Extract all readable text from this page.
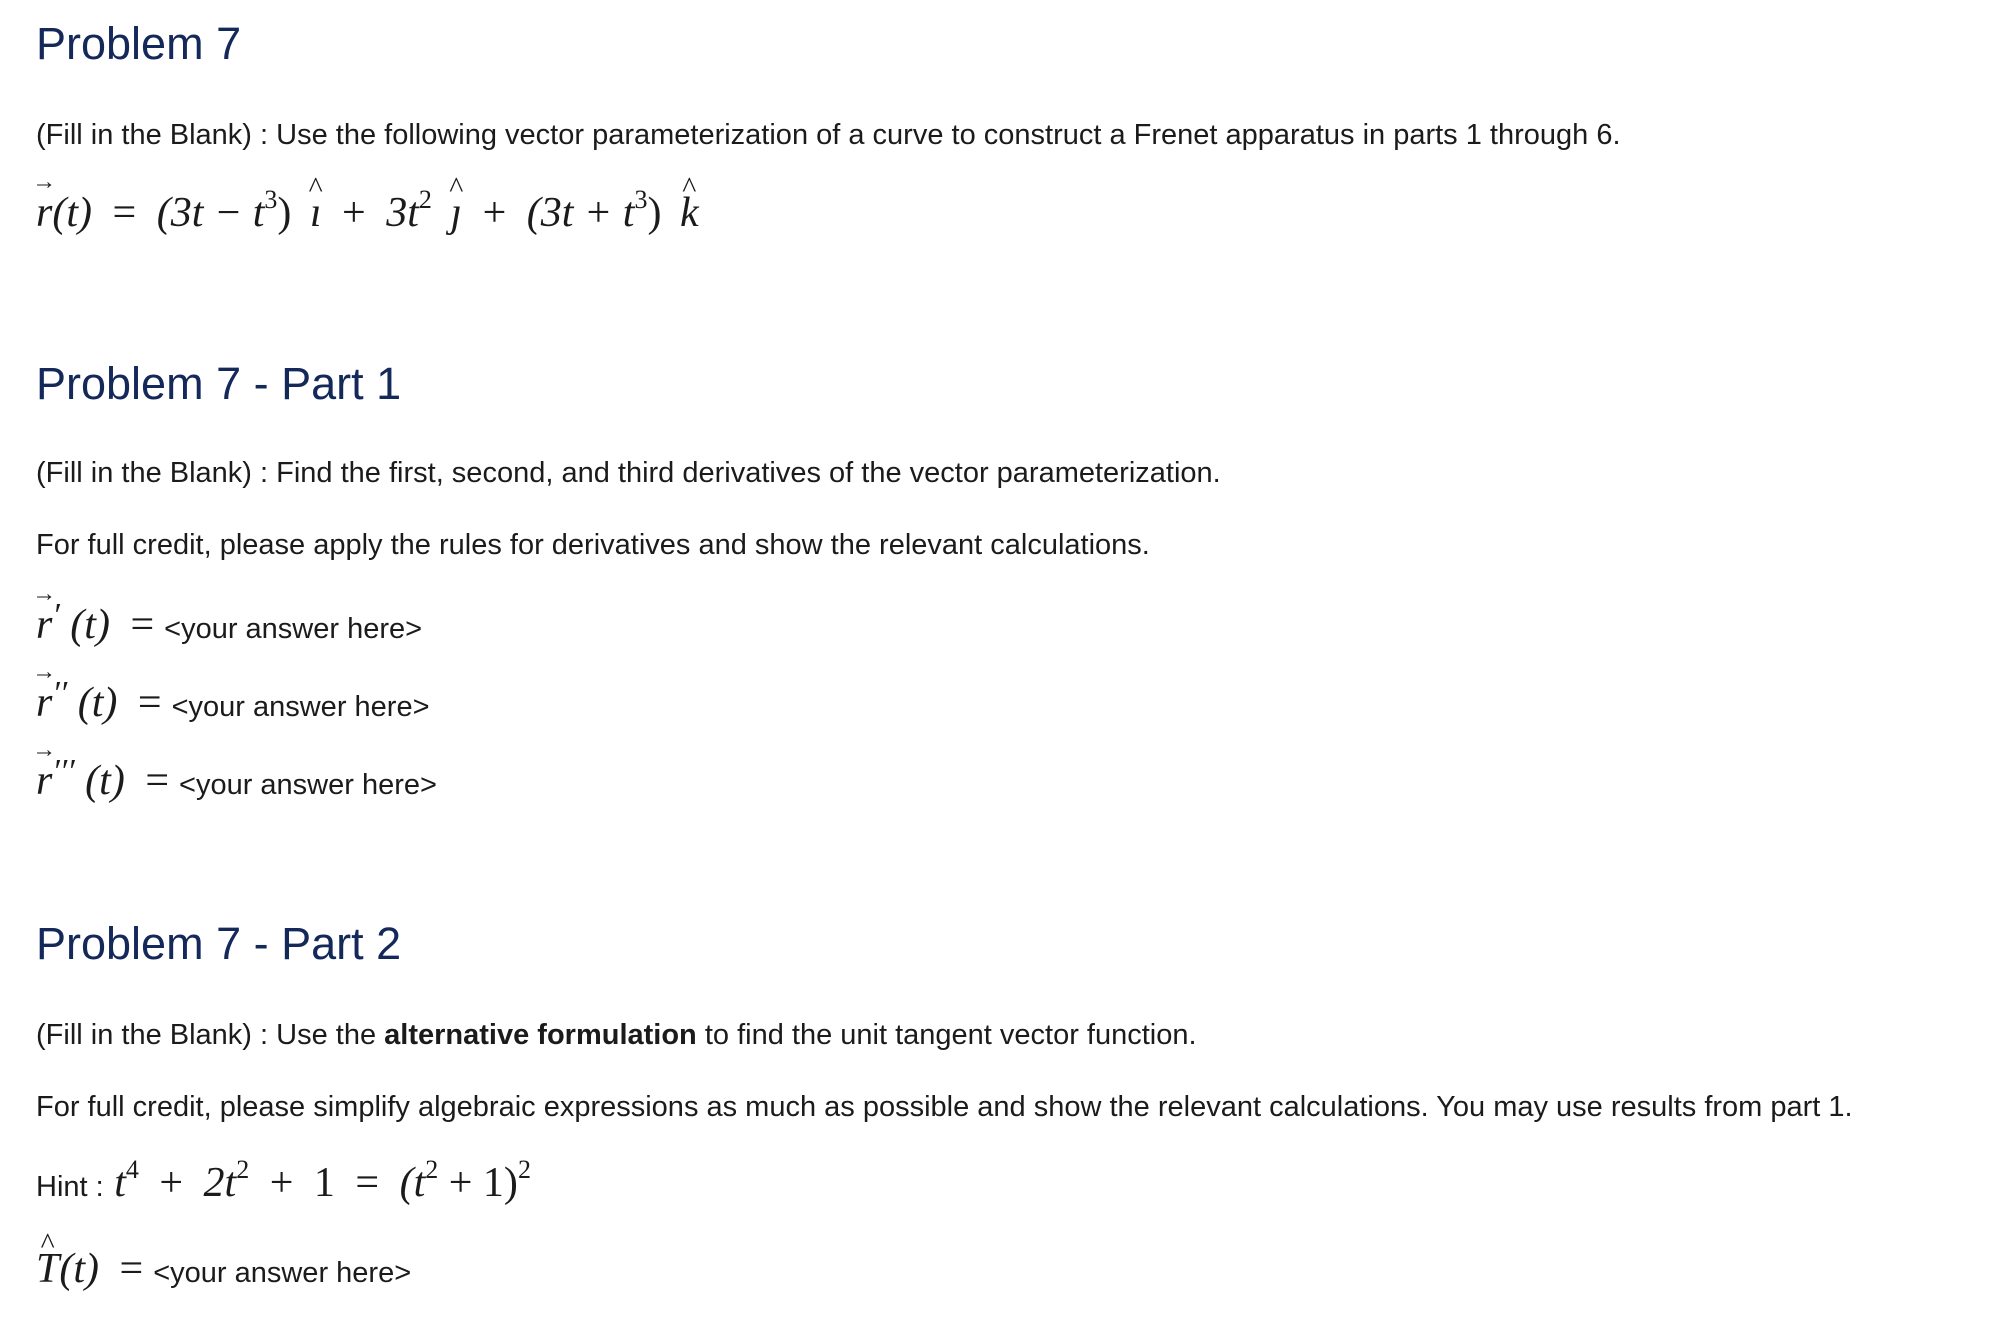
Problem 7

(Fill in the Blank) : Use the following vector parameterization of a curve to construct a Frenet apparatus in parts 1 through 6.

→ $r(t) = (3t - t^3)$ ^ ı + $3t^2$ ^ ȷ + $(3t + t^3)$ ^ k
Problem 7 - Part 1

(Fill in the Blank) : Find the first, second, and third derivatives of the vector parameterization.

For full credit, please apply the rules for derivatives and show the relevant calculations.

→ r′ (t) = <your answer here>
→ r′′ (t) = <your answer here>
→ r′′′ (t) = <your answer here>
Problem 7 - Part 2

(Fill in the Blank) : Use the alternative formulation to find the unit tangent vector function.

For full credit, please simplify algebraic expressions as much as possible and show the relevant calculations. You may use results from part 1.

Hint : $t^4 + 2t^2 + 1 = (t^2 + 1)^2$
^ T(t) = <your answer here>
